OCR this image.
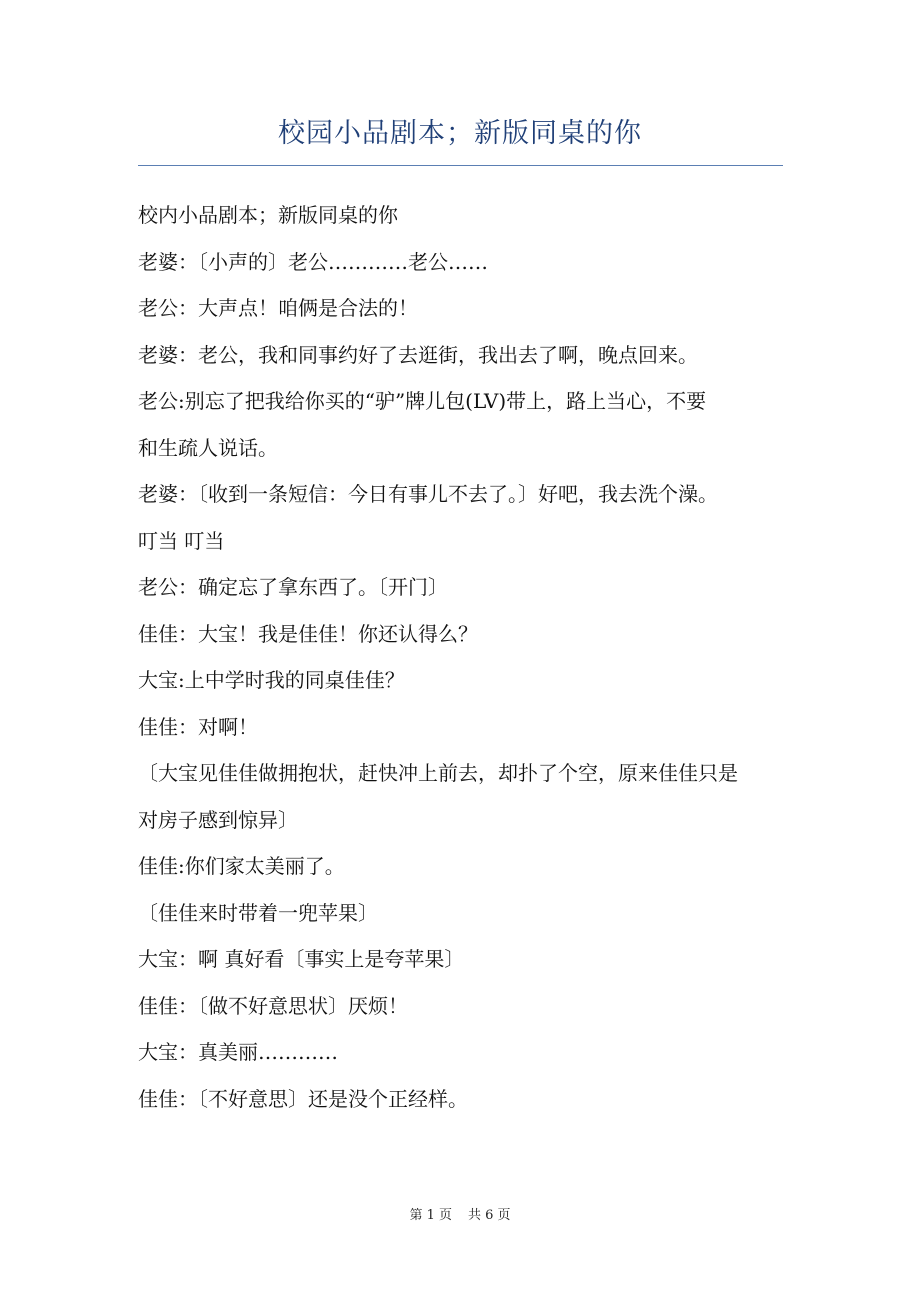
校园小品剧本；新版同桌的你
校内小品剧本；新版同桌的你
老婆：〔小声的〕老公…………老公……
老公：大声点！咱俩是合法的！
老婆：老公，我和同事约好了去逛街，我出去了啊，晚点回来。
老公:别忘了把我给你买的“驴”牌儿包(LV)带上，路上当心，不要
和生疏人说话。
老婆：〔收到一条短信：今日有事儿不去了。〕好吧，我去洗个澡。
叮当 叮当
老公：确定忘了拿东西了。〔开门〕
佳佳：大宝！我是佳佳！你还认得么？
大宝:上中学时我的同桌佳佳？
佳佳：对啊！
〔大宝见佳佳做拥抱状，赶快冲上前去，却扑了个空，原来佳佳只是
对房子感到惊异〕
佳佳:你们家太美丽了。
〔佳佳来时带着一兜苹果〕
大宝：啊 真好看〔事实上是夸苹果〕
佳佳：〔做不好意思状〕厌烦！
大宝：真美丽…………
佳佳：〔不好意思〕还是没个正经样。
第 1 页 共 6 页
